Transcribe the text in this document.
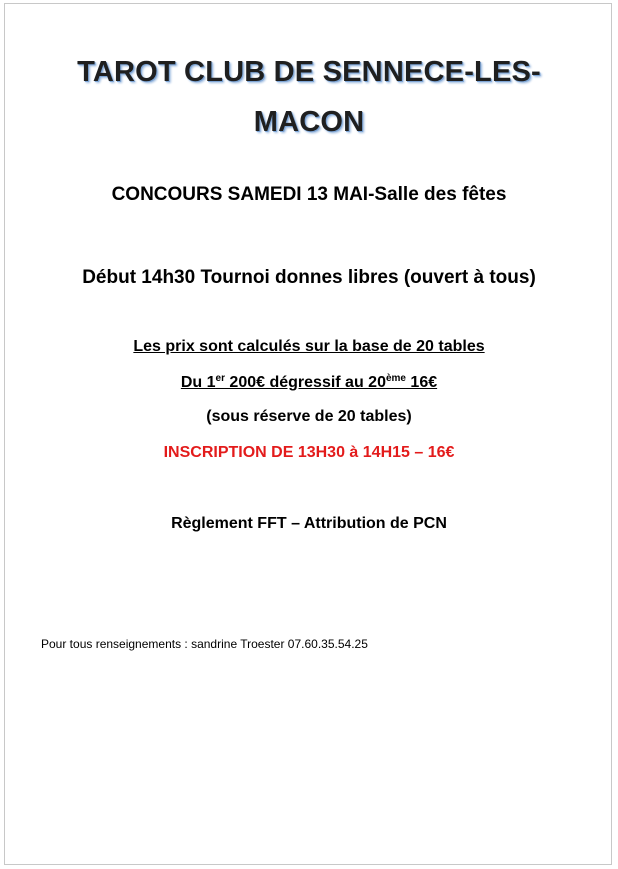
TAROT CLUB DE SENNECE-LES-MACON
CONCOURS SAMEDI 13 MAI-Salle des fêtes
Début 14h30 Tournoi donnes libres (ouvert à tous)
Les prix sont calculés sur la base de 20 tables
Du 1er 200€ dégressif au 20ème 16€
(sous réserve de 20 tables)
INSCRIPTION DE 13H30 à 14H15 – 16€
Règlement FFT – Attribution de PCN
Pour tous renseignements : sandrine Troester 07.60.35.54.25
